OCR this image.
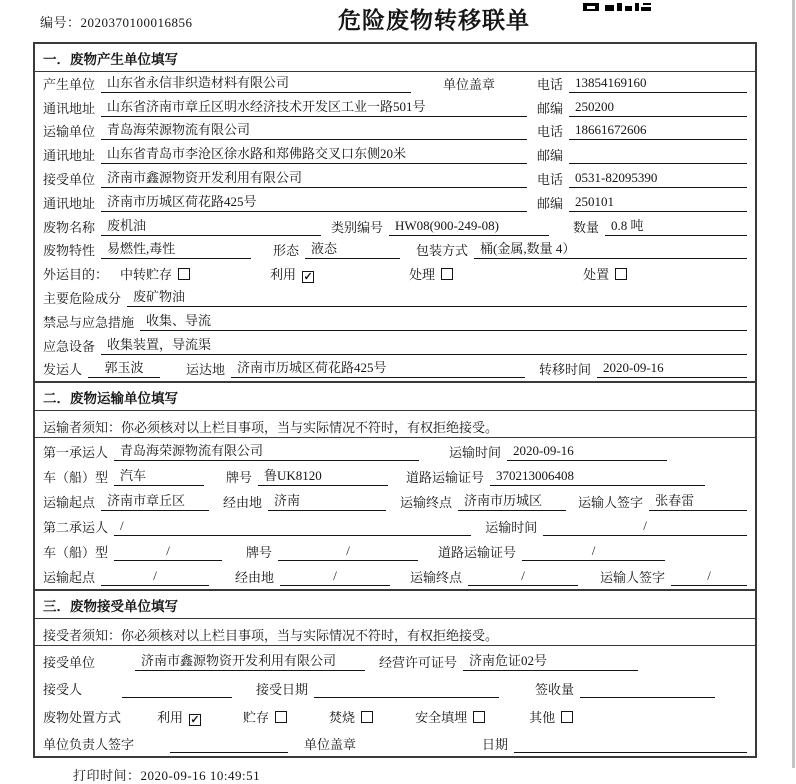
编号：2020370100016856	危险废物转移联单
一．废物产生单位填写
产生单位 山东省永信非织造材料有限公司	单位盖章	电话 13854169160
通讯地址 山东省济南市章丘区明水经济技术开发区工业一路501号	邮编 250200
运输单位 青岛海荣源物流有限公司	电话 18661672606
通讯地址 山东省青岛市李沧区徐水路和郑佛路交叉口东侧20米	邮编
接受单位 济南市鑫源物资开发利用有限公司	电话 0531-82095390
通讯地址 济南市历城区荷花路425号	邮编 250101
废物名称 废机油	类别编号 HW08(900-249-08)	数量 0.8 吨
废物特性 易燃性,毒性	形态 液态	包装方式 桶(金属,数量 4）
外运目的： 中转贮存	利用 ✓	处理	处置
主要危险成分 废矿物油
禁忌与应急措施 收集、导流
应急设备 收集装置，导流渠
发运人	郭玉波	运达地 济南市历城区荷花路425号	转移时间 2020-09-16
二．废物运输单位填写
运输者须知：你必须核对以上栏目事项，当与实际情况不符时，有权拒绝接受。
第一承运人 青岛海荣源物流有限公司	运输时间 2020-09-16
车（船）型 汽车	牌号 鲁UK8120	道路运输证号 370213006408
运输起点 济南市章丘区	经由地 济南	运输终点 济南市历城区	运输人签字 张春雷
第二承运人 /	运输时间	/
车（船）型	/	牌号	/	道路运输证号	/
运输起点	/	经由地	/	运输终点	/	运输人签字	/
三．废物接受单位填写
接受者须知：你必须核对以上栏目事项，当与实际情况不符时，有权拒绝接受。
接受单位	济南市鑫源物资开发利用有限公司	经营许可证号 济南危证02号
接受人	接受日期	签收量
废物处置方式	利用 ✓	贮存	焚烧	安全填埋	其他
单位负责人签字	单位盖章	日期
打印时间：2020-09-16 10:49:51
